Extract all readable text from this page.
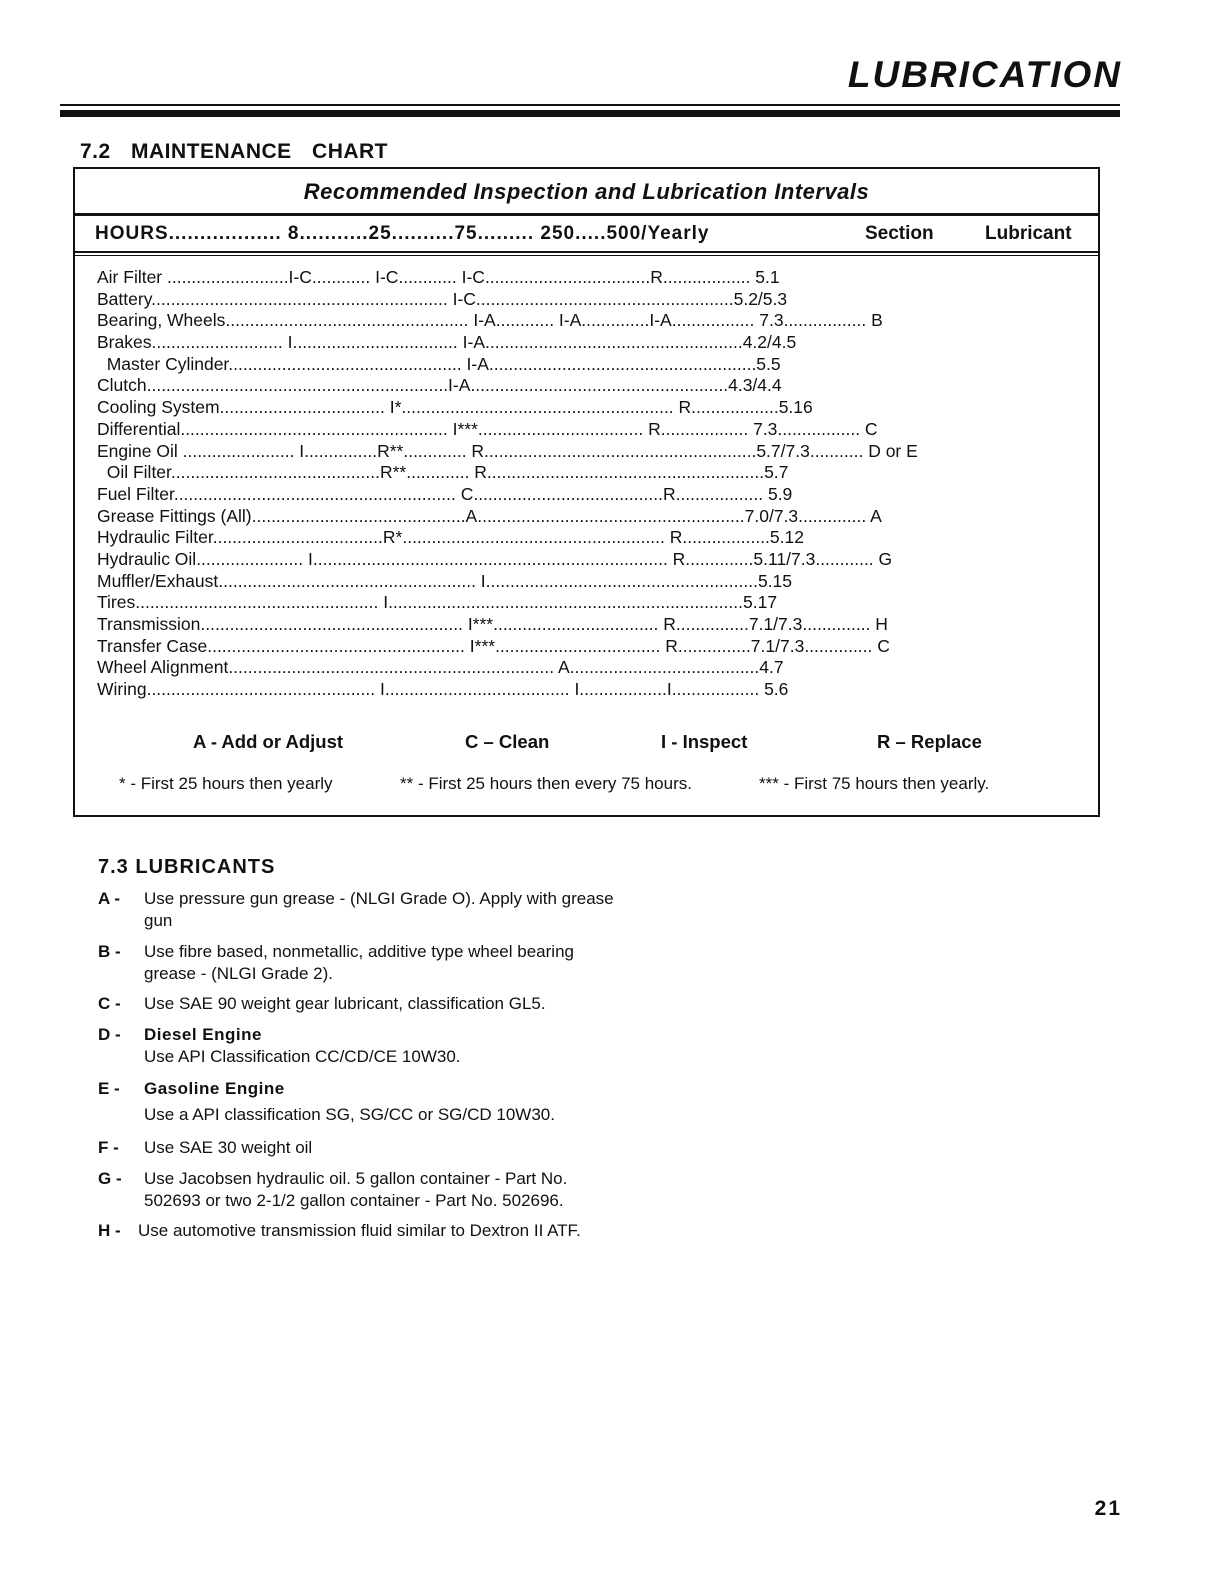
LUBRICATION
7.2 MAINTENANCE CHART
Recommended Inspection and Lubrication Intervals
HOURS.................. 8...........25..........75......... 250.....500/Yearly	Section	Lubricant
Air Filter .........................I-C............ I-C............ I-C..................................R.................. 5.1
Battery............................................................. I-C.....................................................5.2/5.3
Bearing, Wheels.................................................. I-A............ I-A..............I-A................. 7.3................. B
Brakes........................... I.................................. I-A.....................................................4.2/4.5
Master Cylinder................................................ I-A.......................................................5.5
Clutch..............................................................I-A.....................................................4.3/4.4
Cooling System.................................. I*........................................................ R..................5.16
Differential....................................................... I***.................................. R.................. 7.3................. C
Engine Oil ....................... I...............R**............. R........................................................5.7/7.3........... D or E
Oil Filter...........................................R**............. R.........................................................5.7
Fuel Filter.......................................................... C.......................................R.................. 5.9
Grease Fittings (All)............................................A.......................................................7.0/7.3.............. A
Hydraulic Filter...................................R*...................................................... R..................5.12
Hydraulic Oil...................... I......................................................................... R..............5.11/7.3............ G
Muffler/Exhaust..................................................... I........................................................5.15
Tires.................................................. I.........................................................................5.17
Transmission...................................................... I***.................................. R...............7.1/7.3.............. H
Transfer Case..................................................... I***.................................. R...............7.1/7.3.............. C
Wheel Alignment................................................................... A.......................................4.7
Wiring............................................... I...................................... I..................I.................. 5.6
A - Add or Adjust	C – Clean	I - Inspect	R – Replace
* - First 25 hours then yearly	** - First 25 hours then every 75 hours.	*** - First 75 hours then yearly.
7.3 LUBRICANTS
A - Use pressure gun grease - (NLGI Grade O). Apply with grease gun
B - Use fibre based, nonmetallic, additive type wheel bearing grease - (NLGI Grade 2).
C - Use SAE 90 weight gear lubricant, classification GL5.
D - Diesel Engine
Use API Classification CC/CD/CE 10W30.
E - Gasoline Engine
Use a API classification SG, SG/CC or SG/CD 10W30.
F - Use SAE 30 weight oil
G - Use Jacobsen hydraulic oil. 5 gallon container - Part No. 502693 or two 2-1/2 gallon container - Part No. 502696.
H - Use automotive transmission fluid similar to Dextron II ATF.
21
